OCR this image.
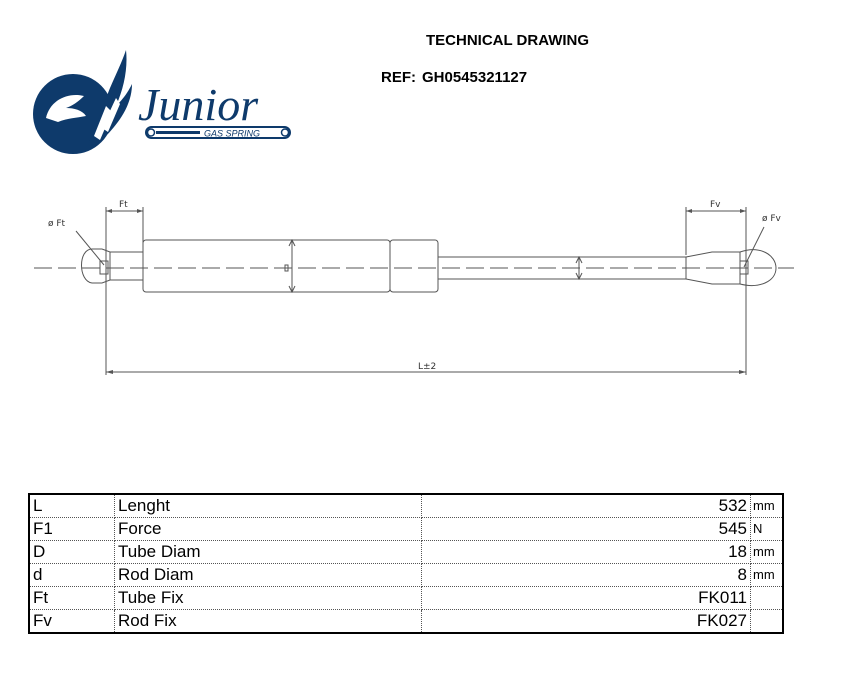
TECHNICAL DRAWING
REF: GH0545321127
Junior
GAS SPRING
Ft	Fv
ø Ft	ø Fv
L±2
L	Lenght	532	mm
F1	Force	545	N
D	Tube Diam	18	mm
d	Rod Diam	8	mm
Ft	Tube Fix	FK011	
Fv	Rod Fix	FK027	
